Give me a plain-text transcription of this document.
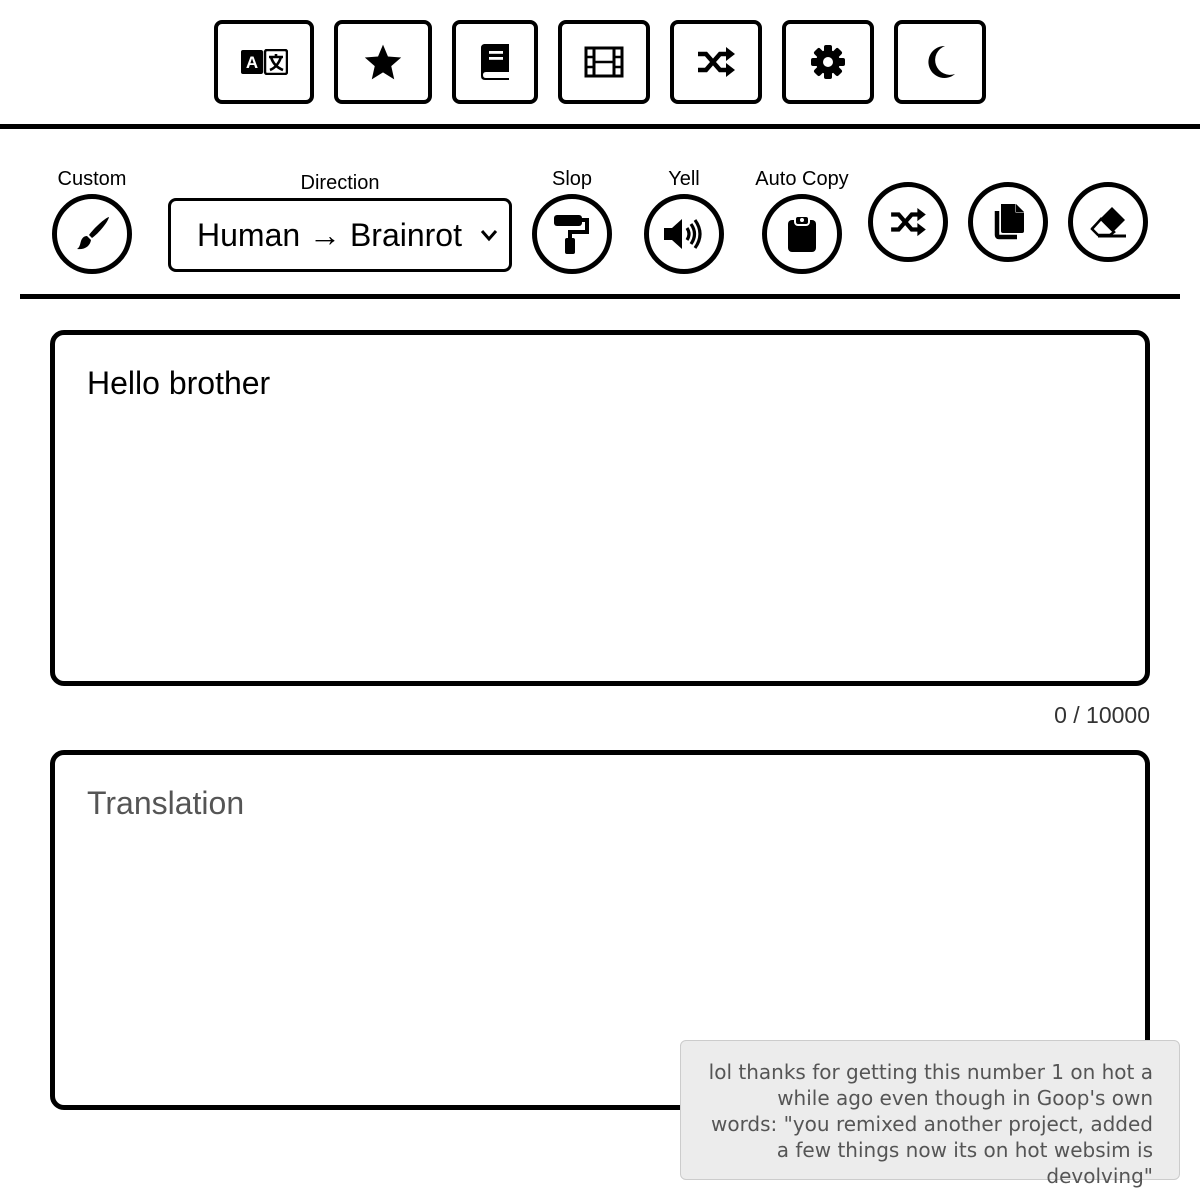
A
Custom	Direction
Human → Brainrot
Slop	Yell	Auto Copy
Hello brother
0 / 10000
Translation
lol thanks for getting this number 1 on hot a while ago even though in Goop's own words: "you remixed another project, added a few things now its on hot websim is devolving"
